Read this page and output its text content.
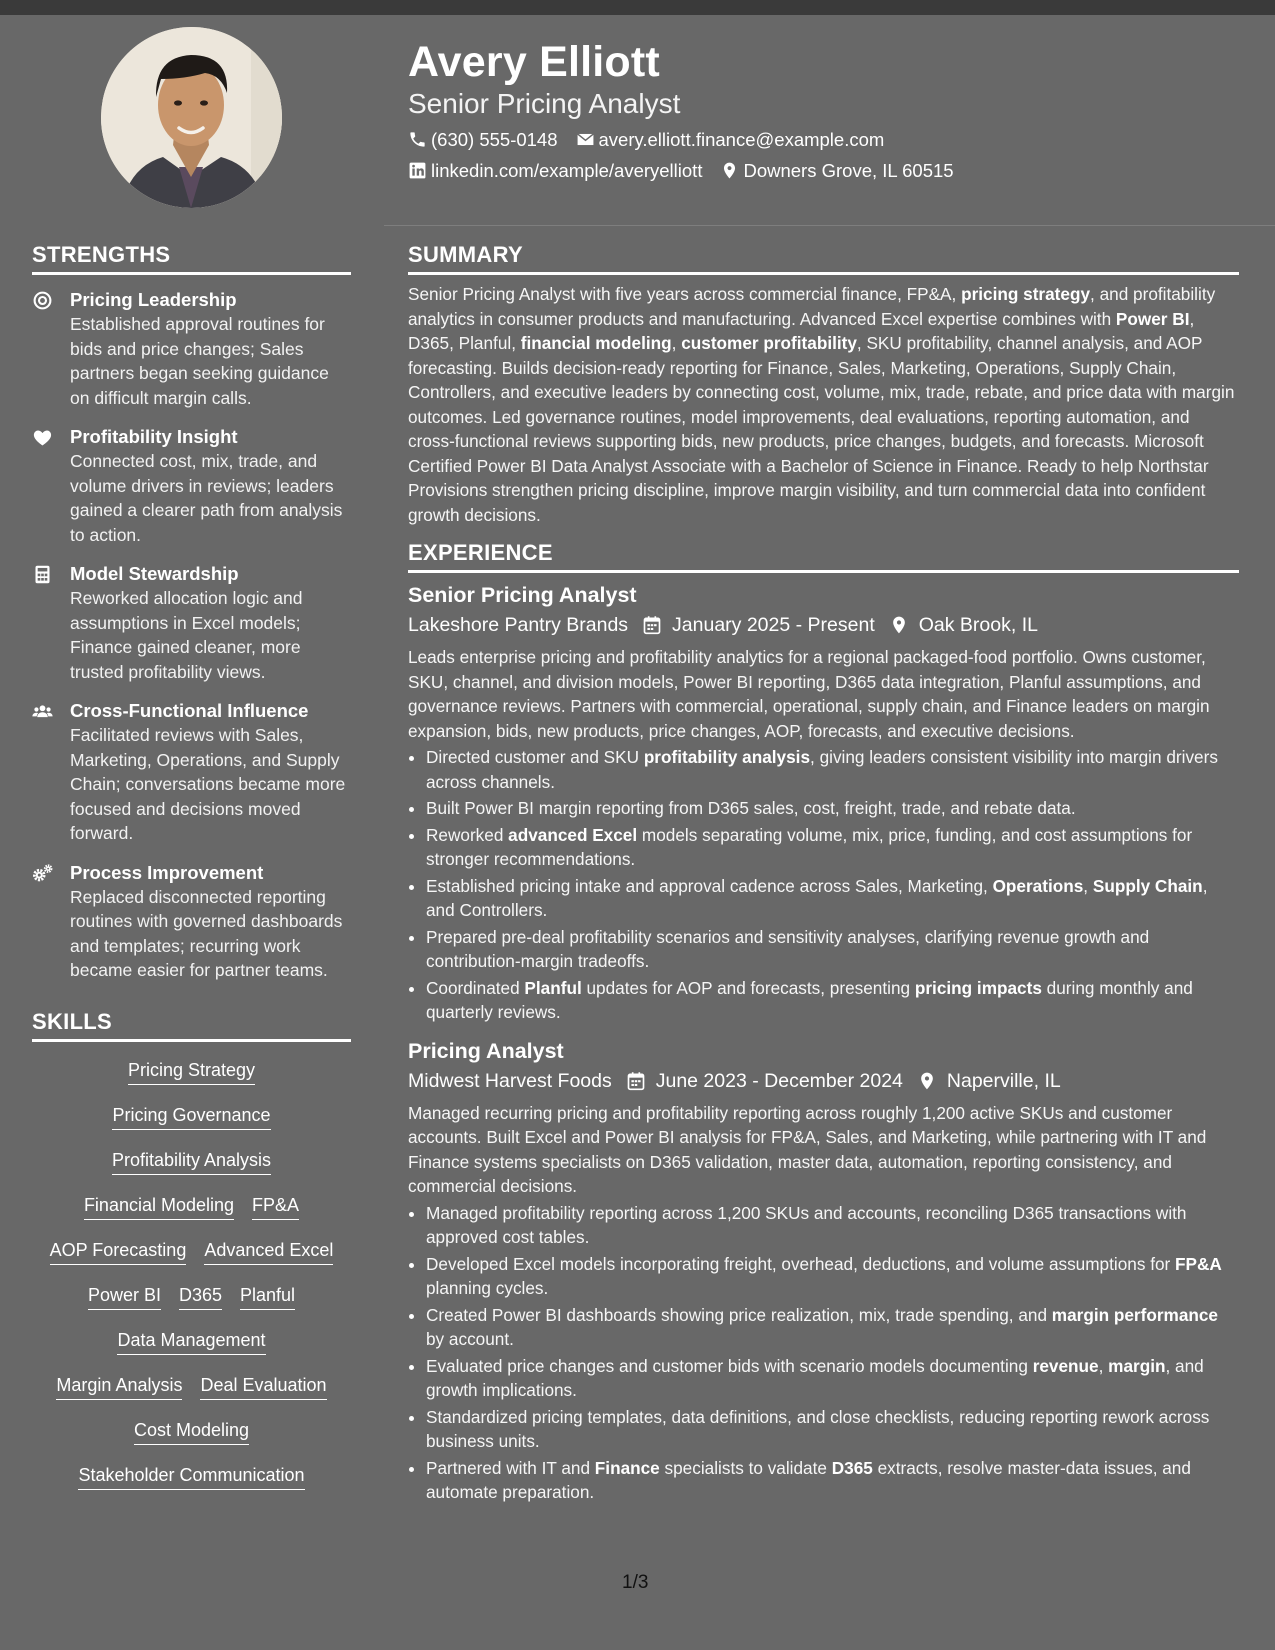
Avery Elliott
Senior Pricing Analyst
(630) 555-0148 avery.elliott.finance@example.com
linkedin.com/example/averyelliott Downers Grove, IL 60515
STRENGTHS
Pricing Leadership
Established approval routines for bids and price changes; Sales partners began seeking guidance on difficult margin calls.
Profitability Insight
Connected cost, mix, trade, and volume drivers in reviews; leaders gained a clearer path from analysis to action.
Model Stewardship
Reworked allocation logic and assumptions in Excel models; Finance gained cleaner, more trusted profitability views.
Cross-Functional Influence
Facilitated reviews with Sales, Marketing, Operations, and Supply Chain; conversations became more focused and decisions moved forward.
Process Improvement
Replaced disconnected reporting routines with governed dashboards and templates; recurring work became easier for partner teams.
SKILLS
Pricing Strategy
Pricing Governance
Profitability Analysis
Financial Modeling FP&A
AOP Forecasting Advanced Excel
Power BI D365 Planful
Data Management
Margin Analysis Deal Evaluation
Cost Modeling
Stakeholder Communication
SUMMARY
Senior Pricing Analyst with five years across commercial finance, FP&A, pricing strategy, and profitability analytics in consumer products and manufacturing. Advanced Excel expertise combines with Power BI, D365, Planful, financial modeling, customer profitability, SKU profitability, channel analysis, and AOP forecasting. Builds decision-ready reporting for Finance, Sales, Marketing, Operations, Supply Chain, Controllers, and executive leaders by connecting cost, volume, mix, trade, rebate, and price data with margin outcomes. Led governance routines, model improvements, deal evaluations, reporting automation, and cross-functional reviews supporting bids, new products, price changes, budgets, and forecasts. Microsoft Certified Power BI Data Analyst Associate with a Bachelor of Science in Finance. Ready to help Northstar Provisions strengthen pricing discipline, improve margin visibility, and turn commercial data into confident growth decisions.
EXPERIENCE
Senior Pricing Analyst
Lakeshore Pantry Brands January 2025 - Present Oak Brook, IL
Leads enterprise pricing and profitability analytics for a regional packaged-food portfolio. Owns customer, SKU, channel, and division models, Power BI reporting, D365 data integration, Planful assumptions, and governance reviews. Partners with commercial, operational, supply chain, and Finance leaders on margin expansion, bids, new products, price changes, AOP, forecasts, and executive decisions.
• Directed customer and SKU profitability analysis, giving leaders consistent visibility into margin drivers across channels.
• Built Power BI margin reporting from D365 sales, cost, freight, trade, and rebate data.
• Reworked advanced Excel models separating volume, mix, price, funding, and cost assumptions for stronger recommendations.
• Established pricing intake and approval cadence across Sales, Marketing, Operations, Supply Chain, and Controllers.
• Prepared pre-deal profitability scenarios and sensitivity analyses, clarifying revenue growth and contribution-margin tradeoffs.
• Coordinated Planful updates for AOP and forecasts, presenting pricing impacts during monthly and quarterly reviews.
Pricing Analyst
Midwest Harvest Foods June 2023 - December 2024 Naperville, IL
Managed recurring pricing and profitability reporting across roughly 1,200 active SKUs and customer accounts. Built Excel and Power BI analysis for FP&A, Sales, and Marketing, while partnering with IT and Finance systems specialists on D365 validation, master data, automation, reporting consistency, and commercial decisions.
• Managed profitability reporting across 1,200 SKUs and accounts, reconciling D365 transactions with approved cost tables.
• Developed Excel models incorporating freight, overhead, deductions, and volume assumptions for FP&A planning cycles.
• Created Power BI dashboards showing price realization, mix, trade spending, and margin performance by account.
• Evaluated price changes and customer bids with scenario models documenting revenue, margin, and growth implications.
• Standardized pricing templates, data definitions, and close checklists, reducing reporting rework across business units.
• Partnered with IT and Finance specialists to validate D365 extracts, resolve master-data issues, and automate preparation.
1/3
